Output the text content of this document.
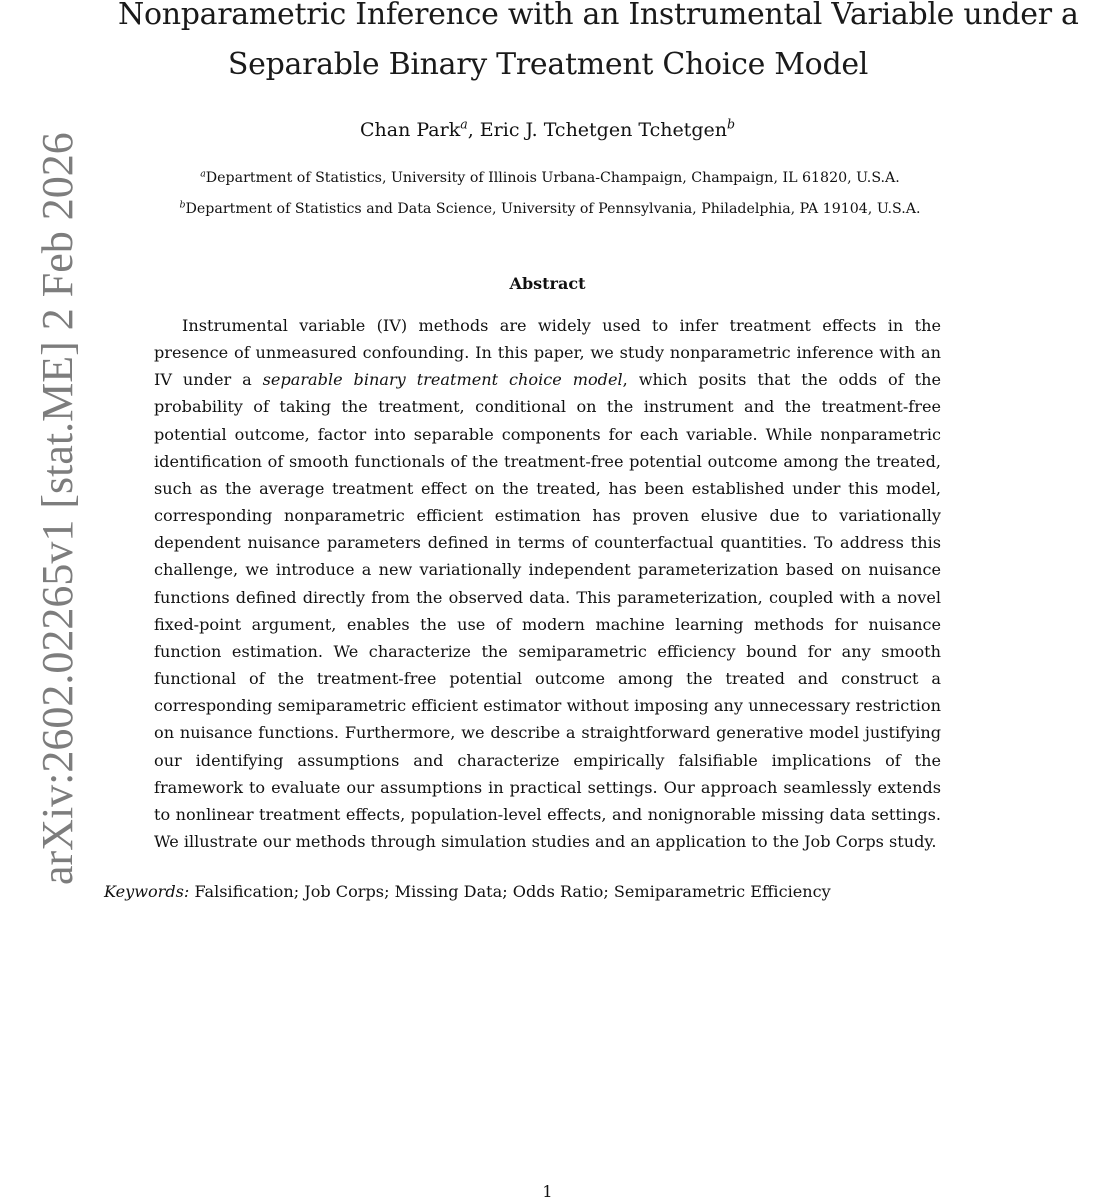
arXiv:2602.02265v1 [stat.ME] 2 Feb 2026
Nonparametric Inference with an Instrumental Variable under a
Separable Binary Treatment Choice Model
Chan Park$^a$, Eric J. Tchetgen Tchetgen$^b$
$^a$Department of Statistics, University of Illinois Urbana-Champaign, Champaign, IL 61820, U.S.A.
$^b$Department of Statistics and Data Science, University of Pennsylvania, Philadelphia, PA 19104, U.S.A.
Abstract
Instrumental variable (IV) methods are widely used to infer treatment effects in the presence of unmeasured confounding. In this paper, we study nonparametric inference with an IV under a separable binary treatment choice model, which posits that the odds of the probability of taking the treatment, conditional on the instrument and the treatment-free potential outcome, factor into separable components for each variable. While nonparametric identification of smooth functionals of the treatment-free potential outcome among the treated, such as the average treatment effect on the treated, has been established under this model, corresponding nonparametric efficient estimation has proven elusive due to variationally dependent nuisance parameters defined in terms of counterfactual quantities. To address this challenge, we introduce a new variationally independent parameterization based on nuisance functions defined directly from the observed data. This parameterization, coupled with a novel fixed-point argument, enables the use of modern machine learning methods for nuisance function estimation. We characterize the semiparametric efficiency bound for any smooth functional of the treatment-free potential outcome among the treated and construct a corresponding semiparametric efficient estimator without imposing any unnecessary restriction on nuisance functions. Furthermore, we describe a straightforward generative model justifying our identifying assumptions and characterize empirically falsifiable implications of the framework to evaluate our assumptions in practical settings. Our approach seamlessly extends to nonlinear treatment effects, population-level effects, and nonignorable missing data settings. We illustrate our methods through simulation studies and an application to the Job Corps study.
Keywords: Falsification; Job Corps; Missing Data; Odds Ratio; Semiparametric Efficiency
1
